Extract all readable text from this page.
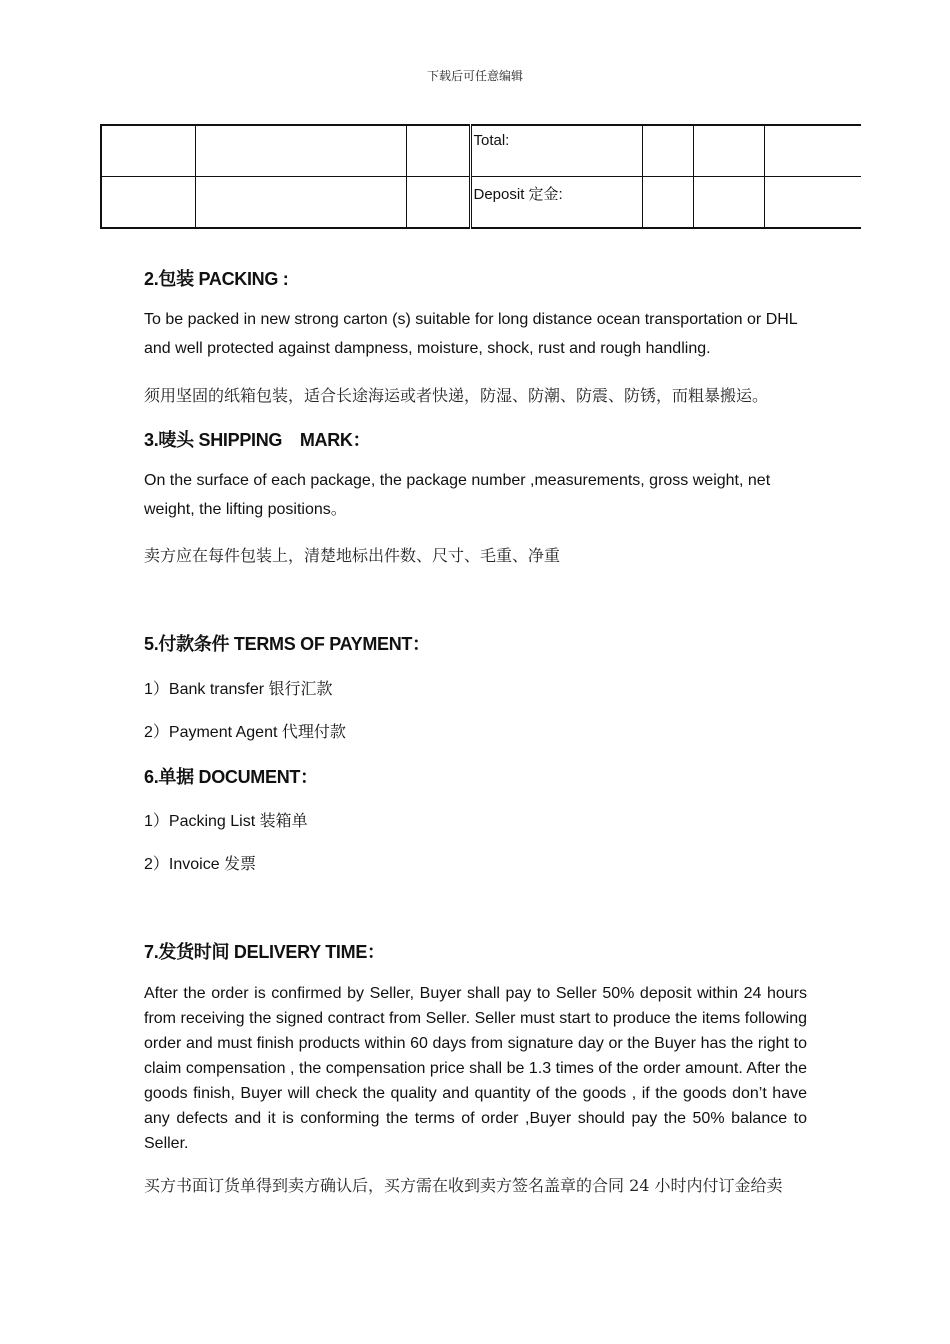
下载后可任意编辑
			Total:			
			Deposit 定金:			
2.包装 PACKING :
To be packed in new strong carton (s) suitable for long distance ocean transportation or DHL and well protected against dampness, moisture, shock, rust and rough handling.
须用坚固的纸箱包装，适合长途海运或者快递，防湿、防潮、防震、防锈，而粗暴搬运。
3.唛头 SHIPPING　MARK：
On the surface of each package, the package number ,measurements, gross weight, net weight, the lifting positions。
卖方应在每件包装上，清楚地标出件数、尺寸、毛重、净重
5.付款条件 TERMS OF PAYMENT：
1）Bank transfer 银行汇款
2）Payment Agent 代理付款
6.单据 DOCUMENT：
1）Packing List 装箱单
2）Invoice 发票
7.发货时间 DELIVERY TIME：
After the order is confirmed by Seller, Buyer shall pay to Seller 50% deposit within 24 hours from receiving the signed contract from Seller. Seller must start to produce the items following order and must finish products within 60 days from signature day or the Buyer has the right to claim compensation , the compensation price shall be 1.3 times of the order amount. After the goods finish, Buyer will check the quality and quantity of the goods , if the goods don’t have any defects and it is conforming the terms of order ,Buyer should pay the 50% balance to Seller.
买方书面订货单得到卖方确认后，买方需在收到卖方签名盖章的合同 24 小时内付订金给卖
